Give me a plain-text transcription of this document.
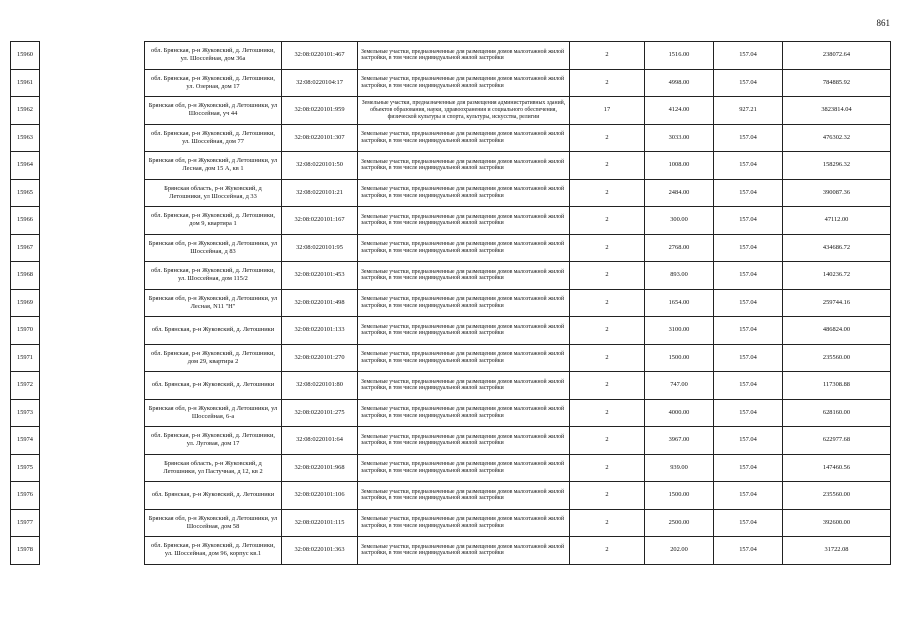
861
15960		обл. Брянская, р-н Жуковский, д. Летошники, ул. Шоссейная, дом 36а	32:08:0220101:467	Земельные участки, предназначенные для размещения домов малоэтажной жилой застройки, в том числе индивидуальной жилой застройки	2	1516.00	157.04	238072.64
15961		обл. Брянская, р-н Жуковский, д. Летошники, ул. Озерная, дом 17	32:08:0220104:17	Земельные участки, предназначенные для размещения домов малоэтажной жилой застройки, в том числе индивидуальной жилой застройки	2	4998.00	157.04	784885.92
15962		Брянская обл, р-н Жуковский, д Летошники, ул Шоссейная, уч 44	32:08:0220101:959	Земельные участки, предназначенные для размещения административных зданий, объектов образования, науки, здравоохранения и социального обеспечения, физической культуры и спорта, культуры, искусства, религии	17	4124.00	927.21	3823814.04
15963		обл. Брянская, р-н Жуковский, д. Летошники, ул. Шоссейная, дом 77	32:08:0220101:307	Земельные участки, предназначенные для размещения домов малоэтажной жилой застройки, в том числе индивидуальной жилой застройки	2	3033.00	157.04	476302.32
15964		Брянская обл, р-н Жуковский, д Летошники, ул Лесная, дом 15 А, кв 1	32:08:0220101:50	Земельные участки, предназначенные для размещения домов малоэтажной жилой застройки, в том числе индивидуальной жилой застройки	2	1008.00	157.04	158296.32
15965		Брянская область, р-н Жуковский, д Летошники, ул Шоссейная, д 33	32:08:0220101:21	Земельные участки, предназначенные для размещения домов малоэтажной жилой застройки, в том числе индивидуальной жилой застройки	2	2484.00	157.04	390087.36
15966		обл. Брянская, р-н Жуковский, д. Летошники, дом 9, квартира 1	32:08:0220101:167	Земельные участки, предназначенные для размещения домов малоэтажной жилой застройки, в том числе индивидуальной жилой застройки	2	300.00	157.04	47112.00
15967		Брянская обл, р-н Жуковский, д Летошники, ул Шоссейная, д 83	32:08:0220101:95	Земельные участки, предназначенные для размещения домов малоэтажной жилой застройки, в том числе индивидуальной жилой застройки	2	2768.00	157.04	434686.72
15968		обл. Брянская, р-н Жуковский, д. Летошники, ул. Шоссейная, дом 115/2	32:08:0220101:453	Земельные участки, предназначенные для размещения домов малоэтажной жилой застройки, в том числе индивидуальной жилой застройки	2	893.00	157.04	140236.72
15969		Брянская обл, р-н Жуковский, д Летошники, ул Лесная, N11 "Н"	32:08:0220101:498	Земельные участки, предназначенные для размещения домов малоэтажной жилой застройки, в том числе индивидуальной жилой застройки	2	1654.00	157.04	259744.16
15970		обл. Брянская, р-н Жуковский, д. Летошники	32:08:0220101:133	Земельные участки, предназначенные для размещения домов малоэтажной жилой застройки, в том числе индивидуальной жилой застройки	2	3100.00	157.04	486824.00
15971		обл. Брянская, р-н Жуковский, д. Летошники, дом 29, квартира 2	32:08:0220101:270	Земельные участки, предназначенные для размещения домов малоэтажной жилой застройки, в том числе индивидуальной жилой застройки	2	1500.00	157.04	235560.00
15972		обл. Брянская, р-н Жуковский, д. Летошники	32:08:0220101:80	Земельные участки, предназначенные для размещения домов малоэтажной жилой застройки, в том числе индивидуальной жилой застройки	2	747.00	157.04	117308.88
15973		Брянская обл, р-н Жуковский, д Летошники, ул Шоссейная, 6-а	32:08:0220101:275	Земельные участки, предназначенные для размещения домов малоэтажной жилой застройки, в том числе индивидуальной жилой застройки	2	4000.00	157.04	628160.00
15974		обл. Брянская, р-н Жуковский, д. Летошники, ул. Луговая, дом 17	32:08:0220101:64	Земельные участки, предназначенные для размещения домов малоэтажной жилой застройки, в том числе индивидуальной жилой застройки	2	3967.00	157.04	622977.68
15975		Брянская область, р-н Жуковский, д Летошники, ул Пастучная, д 12, кв 2	32:08:0220101:968	Земельные участки, предназначенные для размещения домов малоэтажной жилой застройки, в том числе индивидуальной жилой застройки	2	939.00	157.04	147460.56
15976		обл. Брянская, р-н Жуковский, д. Летошники	32:08:0220101:106	Земельные участки, предназначенные для размещения домов малоэтажной жилой застройки, в том числе индивидуальной жилой застройки	2	1500.00	157.04	235560.00
15977		Брянская обл, р-н Жуковский, д Летошники, ул Шоссейная, дом 58	32:08:0220101:115	Земельные участки, предназначенные для размещения домов малоэтажной жилой застройки, в том числе индивидуальной жилой застройки	2	2500.00	157.04	392600.00
15978		обл. Брянская, р-н Жуковский, д. Летошники, ул. Шоссейная, дом 96, корпус кв.1	32:08:0220101:363	Земельные участки, предназначенные для размещения домов малоэтажной жилой застройки, в том числе индивидуальной жилой застройки	2	202.00	157.04	31722.08
